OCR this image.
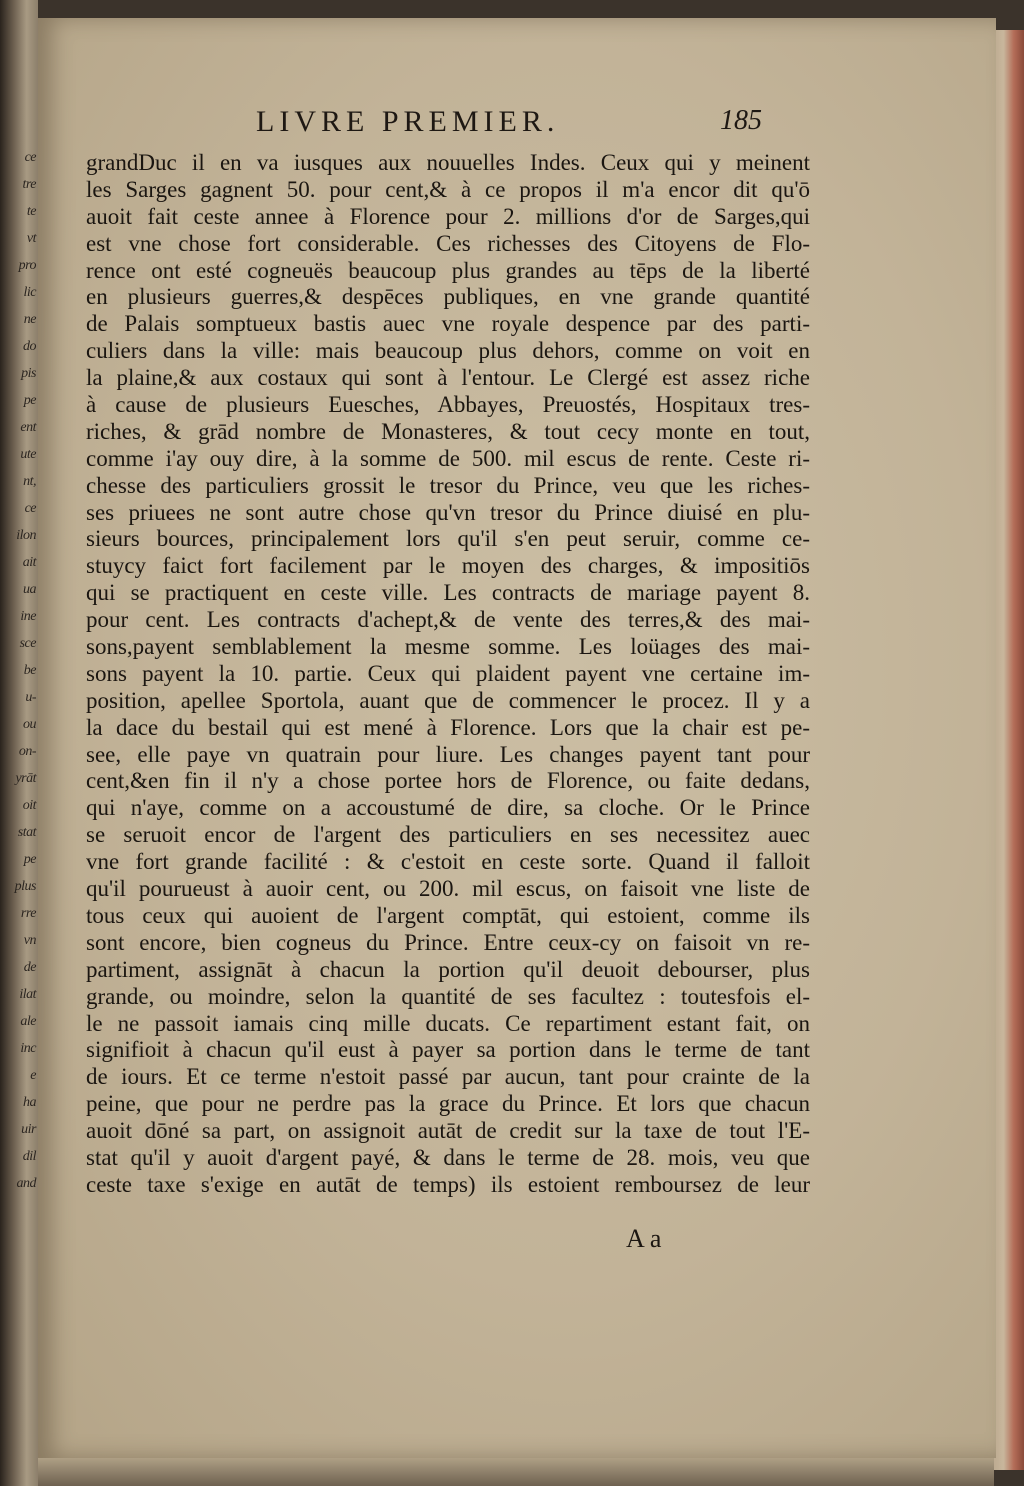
ce
tre
te
vt
pro
lic
ne
do
pis
pe
ent
ute
nt,
ce
ilon
ait
ua
ine
sce
be
u-
ou
on-
yrāt
oit
stat
pe
plus
rre
vn
de
ilat
ale
inc
e
ha
uir
dil
and
LIVRE PREMIER.	185
grandDuc il en va iusques aux nouuelles Indes. Ceux qui y meinent
les Sarges gagnent 50. pour cent,& à ce propos il m'a encor dit qu'ō
auoit fait ceste annee à Florence pour 2. millions d'or de Sarges,qui
est vne chose fort considerable. Ces richesses des Citoyens de Flo-
rence ont esté cogneuës beaucoup plus grandes au tēps de la liberté
en plusieurs guerres,& despēces publiques, en vne grande quantité
de Palais somptueux bastis auec vne royale despence par des parti-
culiers dans la ville: mais beaucoup plus dehors, comme on voit en
la plaine,& aux costaux qui sont à l'entour. Le Clergé est assez riche
à cause de plusieurs Euesches, Abbayes, Preuostés, Hospitaux tres-
riches, & grād nombre de Monasteres, & tout cecy monte en tout,
comme i'ay ouy dire, à la somme de 500. mil escus de rente. Ceste ri-
chesse des particuliers grossit le tresor du Prince, veu que les riches-
ses priuees ne sont autre chose qu'vn tresor du Prince diuisé en plu-
sieurs bources, principalement lors qu'il s'en peut seruir, comme ce-
stuycy faict fort facilement par le moyen des charges, & impositiōs
qui se practiquent en ceste ville. Les contracts de mariage payent 8.
pour cent. Les contracts d'achept,& de vente des terres,& des mai-
sons,payent semblablement la mesme somme. Les loüages des mai-
sons payent la 10. partie. Ceux qui plaident payent vne certaine im-
position, apellee Sportola, auant que de commencer le procez. Il y a
la dace du bestail qui est mené à Florence. Lors que la chair est pe-
see, elle paye vn quatrain pour liure. Les changes payent tant pour
cent,&en fin il n'y a chose portee hors de Florence, ou faite dedans,
qui n'aye, comme on a accoustumé de dire, sa cloche. Or le Prince
se seruoit encor de l'argent des particuliers en ses necessitez auec
vne fort grande facilité : & c'estoit en ceste sorte. Quand il falloit
qu'il pourueust à auoir cent, ou 200. mil escus, on faisoit vne liste de
tous ceux qui auoient de l'argent comptāt, qui estoient, comme ils
sont encore, bien cogneus du Prince. Entre ceux-cy on faisoit vn re-
partiment, assignāt à chacun la portion qu'il deuoit debourser, plus
grande, ou moindre, selon la quantité de ses facultez : toutesfois el-
le ne passoit iamais cinq mille ducats. Ce repartiment estant fait, on
signifioit à chacun qu'il eust à payer sa portion dans le terme de tant
de iours. Et ce terme n'estoit passé par aucun, tant pour crainte de la
peine, que pour ne perdre pas la grace du Prince. Et lors que chacun
auoit dōné sa part, on assignoit autāt de credit sur la taxe de tout l'E-
stat qu'il y auoit d'argent payé, & dans le terme de 28. mois, veu que
ceste taxe s'exige en autāt de temps) ils estoient remboursez de leur
A a
